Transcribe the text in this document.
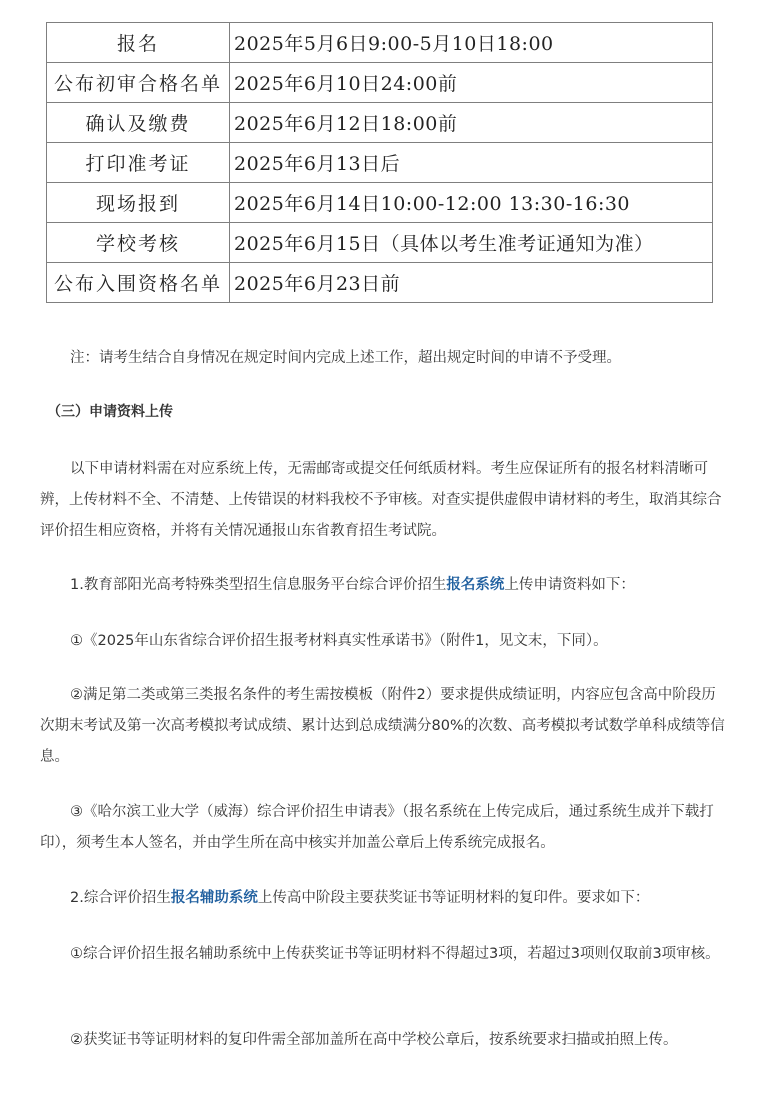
报名	2025年5月6日9:00-5月10日18:00
公布初审合格名单	2025年6月10日24:00前
确认及缴费	2025年6月12日18:00前
打印准考证	2025年6月13日后
现场报到	2025年6月14日10:00-12:00 13:30-16:30
学校考核	2025年6月15日（具体以考生准考证通知为准）
公布入围资格名单	2025年6月23日前

注：请考生结合自身情况在规定时间内完成上述工作，超出规定时间的申请不予受理。

（三）申请资料上传

以下申请材料需在对应系统上传，无需邮寄或提交任何纸质材料。考生应保证所有的报名材料清晰可辨，上传材料不全、不清楚、上传错误的材料我校不予审核。对查实提供虚假申请材料的考生，取消其综合评价招生相应资格，并将有关情况通报山东省教育招生考试院。

1.教育部阳光高考特殊类型招生信息服务平台综合评价招生报名系统上传申请资料如下：

①《2025年山东省综合评价招生报考材料真实性承诺书》（附件1，见文末，下同）。

②满足第二类或第三类报名条件的考生需按模板（附件2）要求提供成绩证明，内容应包含高中阶段历次期末考试及第一次高考模拟考试成绩、累计达到总成绩满分80%的次数、高考模拟考试数学单科成绩等信息。

③《哈尔滨工业大学（威海）综合评价招生申请表》（报名系统在上传完成后，通过系统生成并下载打印），须考生本人签名，并由学生所在高中核实并加盖公章后上传系统完成报名。

2.综合评价招生报名辅助系统上传高中阶段主要获奖证书等证明材料的复印件。要求如下：

①综合评价招生报名辅助系统中上传获奖证书等证明材料不得超过3项，若超过3项则仅取前3项审核。

②获奖证书等证明材料的复印件需全部加盖所在高中学校公章后，按系统要求扫描或拍照上传。
